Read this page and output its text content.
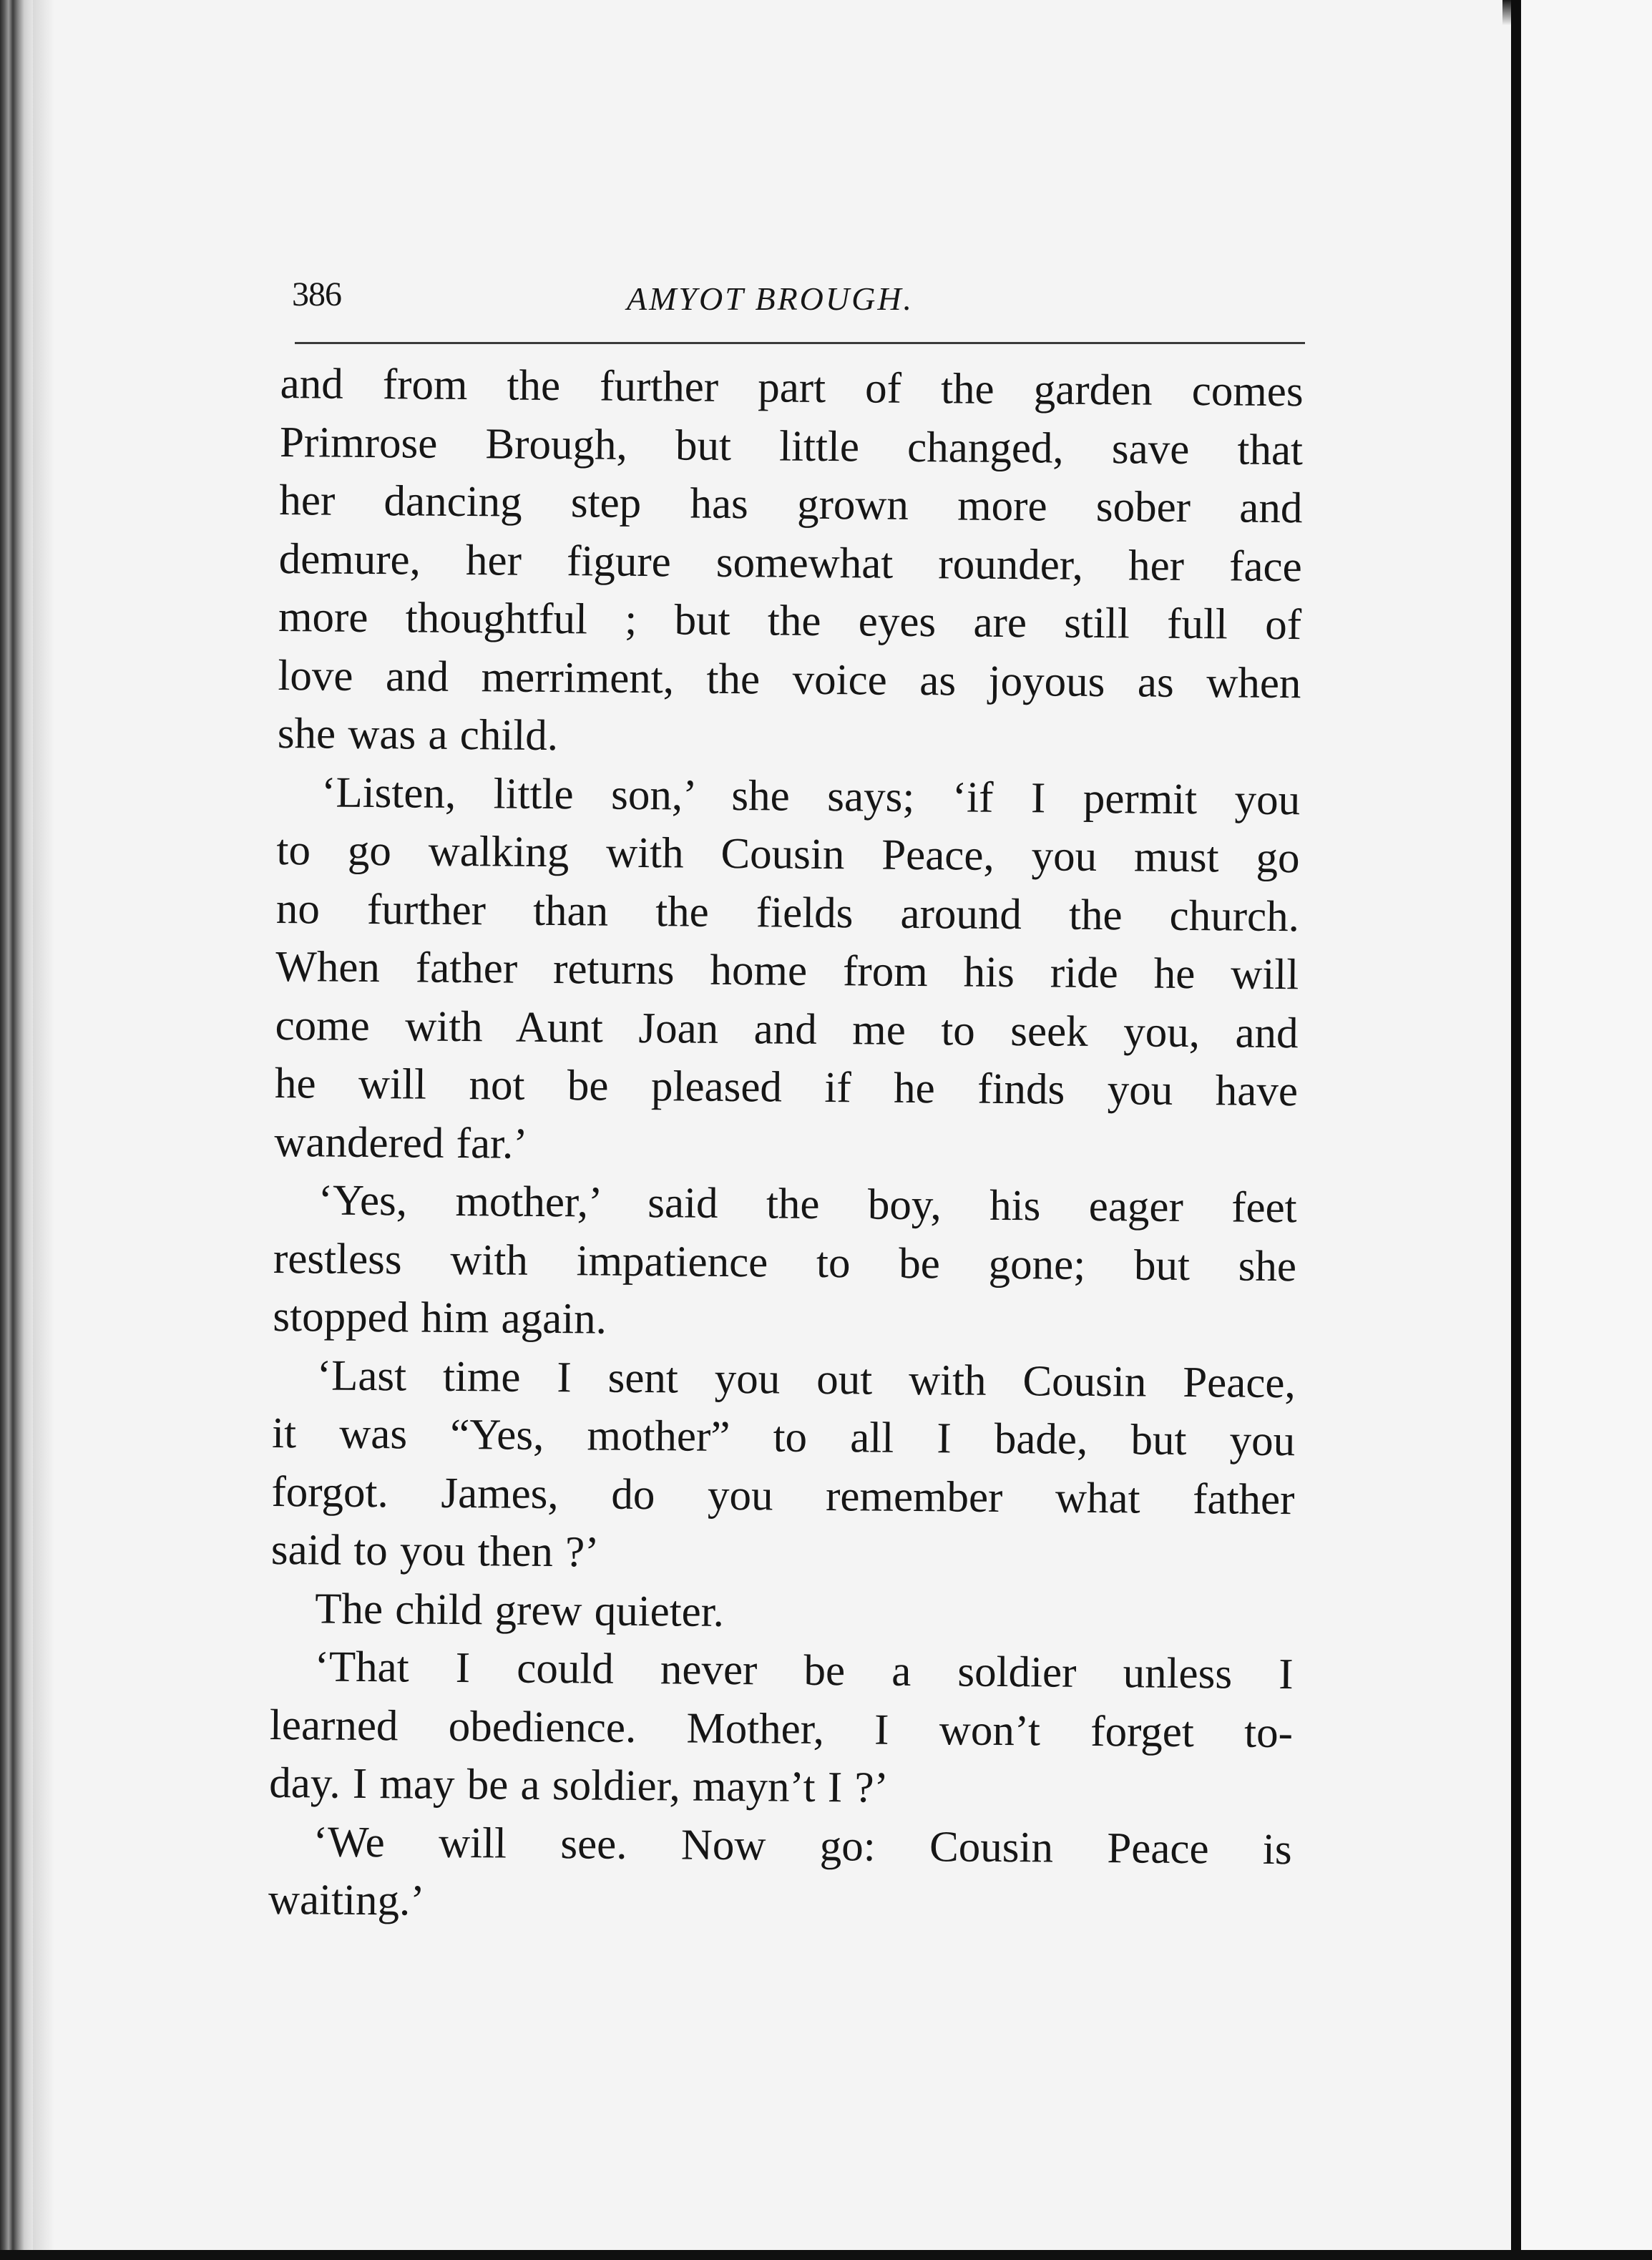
386	AMYOT BROUGH.

and from the further part of the garden comes
Primrose Brough, but little changed, save that
her dancing step has grown more sober and
demure, her figure somewhat rounder, her face
more thoughtful ; but the eyes are still full of
love and merriment, the voice as joyous as when
she was a child.

‘Listen, little son,’ she says; ‘if I permit you
to go walking with Cousin Peace, you must go
no further than the fields around the church.
When father returns home from his ride he will
come with Aunt Joan and me to seek you, and
he will not be pleased if he finds you have
wandered far.’

‘Yes, mother,’ said the boy, his eager feet
restless with impatience to be gone; but she
stopped him again.

‘Last time I sent you out with Cousin Peace,
it was “Yes, mother” to all I bade, but you
forgot. James, do you remember what father
said to you then ?’

The child grew quieter.

‘That I could never be a soldier unless I
learned obedience. Mother, I won’t forget to-
day. I may be a soldier, mayn’t I ?’

‘We will see. Now go: Cousin Peace is
waiting.’
